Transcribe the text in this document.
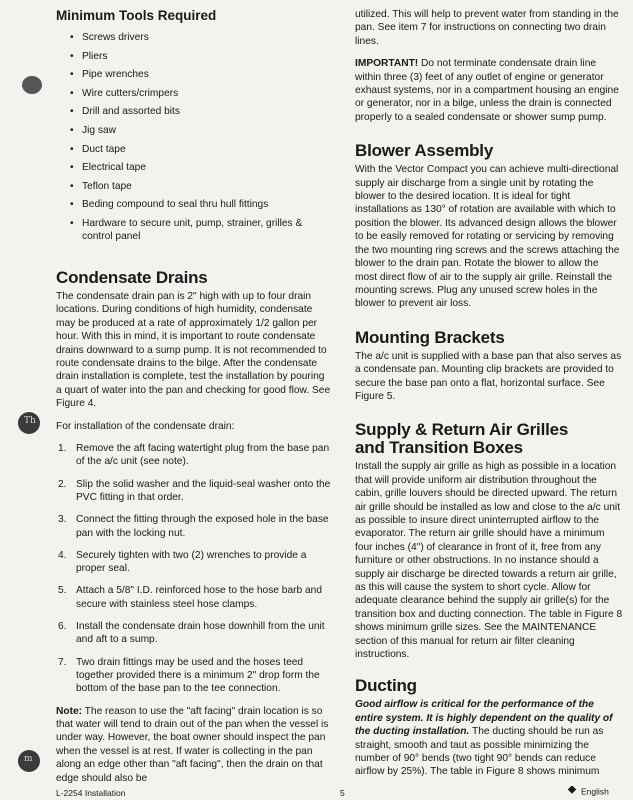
Th
m
Minimum Tools Required
• Screws drivers
• Pliers
• Pipe wrenches
• Wire cutters/crimpers
• Drill and assorted bits
• Jig saw
• Duct tape
• Electrical tape
• Teflon tape
• Beding compound to seal thru hull fittings
• Hardware to secure unit, pump, strainer, grilles & control panel
Condensate Drains

The condensate drain pan is 2" high with up to four drain locations. During conditions of high humidity, condensate may be produced at a rate of approximately 1/2 gallon per hour. With this in mind, it is important to route condensate drains downward to a sump pump. It is not recommended to route condensate drains to the bilge. After the condensate drain installation is complete, test the installation by pouring a quart of water into the pan and checking for good flow. See Figure 4.

For installation of the condensate drain:

1. Remove the aft facing watertight plug from the base pan of the a/c unit (see note).
2. Slip the solid washer and the liquid-seal washer onto the PVC fitting in that order.
3. Connect the fitting through the exposed hole in the base pan with the locking nut.
4. Securely tighten with two (2) wrenches to provide a proper seal.
5. Attach a 5/8" I.D. reinforced hose to the hose barb and secure with stainless steel hose clamps.
6. Install the condensate drain hose downhill from the unit and aft to a sump.
7. Two drain fittings may be used and the hoses teed together provided there is a minimum 2" drop form the bottom of the base pan to the tee connection.

Note: The reason to use the "aft facing" drain location is so that water will tend to drain out of the pan when the vessel is under way. However, the boat owner should inspect the pan when the vessel is at rest. If water is collecting in the pan along an edge other than "aft facing", then the drain on that edge should also be

utilized. This will help to prevent water from standing in the pan. See item 7 for instructions on connecting two drain lines.

IMPORTANT! Do not terminate condensate drain line within three (3) feet of any outlet of engine or generator exhaust systems, nor in a compartment housing an engine or generator, nor in a bilge, unless the drain is connected properly to a sealed condensate or shower sump pump.

Blower Assembly

With the Vector Compact you can achieve multi-directional supply air discharge from a single unit by rotating the blower to the desired location. It is ideal for tight installations as 130° of rotation are available with which to position the blower. Its advanced design allows the blower to be easily removed for rotating or servicing by removing the two mounting ring screws and the screws attaching the blower to the drain pan. Rotate the blower to allow the most direct flow of air to the supply air grille. Reinstall the mounting screws. Plug any unused screw holes in the blower to prevent air loss.

Mounting Brackets

The a/c unit is supplied with a base pan that also serves as a condensate pan. Mounting clip brackets are provided to secure the base pan onto a flat, horizontal surface. See Figure 5.

Supply & Return Air Grilles
and Transition Boxes

Install the supply air grille as high as possible in a location that will provide uniform air distribution throughout the cabin, grille louvers should be directed upward. The return air grille should be installed as low and close to the a/c unit as possible to insure direct uninterrupted airflow to the evaporator. The return air grille should have a minimum four inches (4") of clearance in front of it, free from any furniture or other obstructions. In no instance should a supply air discharge be directed towards a return air grille, as this will cause the system to short cycle. Allow for adequate clearance behind the supply air grille(s) for the transition box and ducting connection. The table in Figure 8 shows minimum grille sizes. See the MAINTENANCE section of this manual for return air filter cleaning instructions.

Ducting

Good airflow is critical for the performance of the entire system. It is highly dependent on the quality of the ducting installation. The ducting should be run as straight, smooth and taut as possible minimizing the number of 90° bends (two tight 90° bends can reduce airflow by 25%). The table in Figure 8 shows minimum

L-2254 Installation	5	English
